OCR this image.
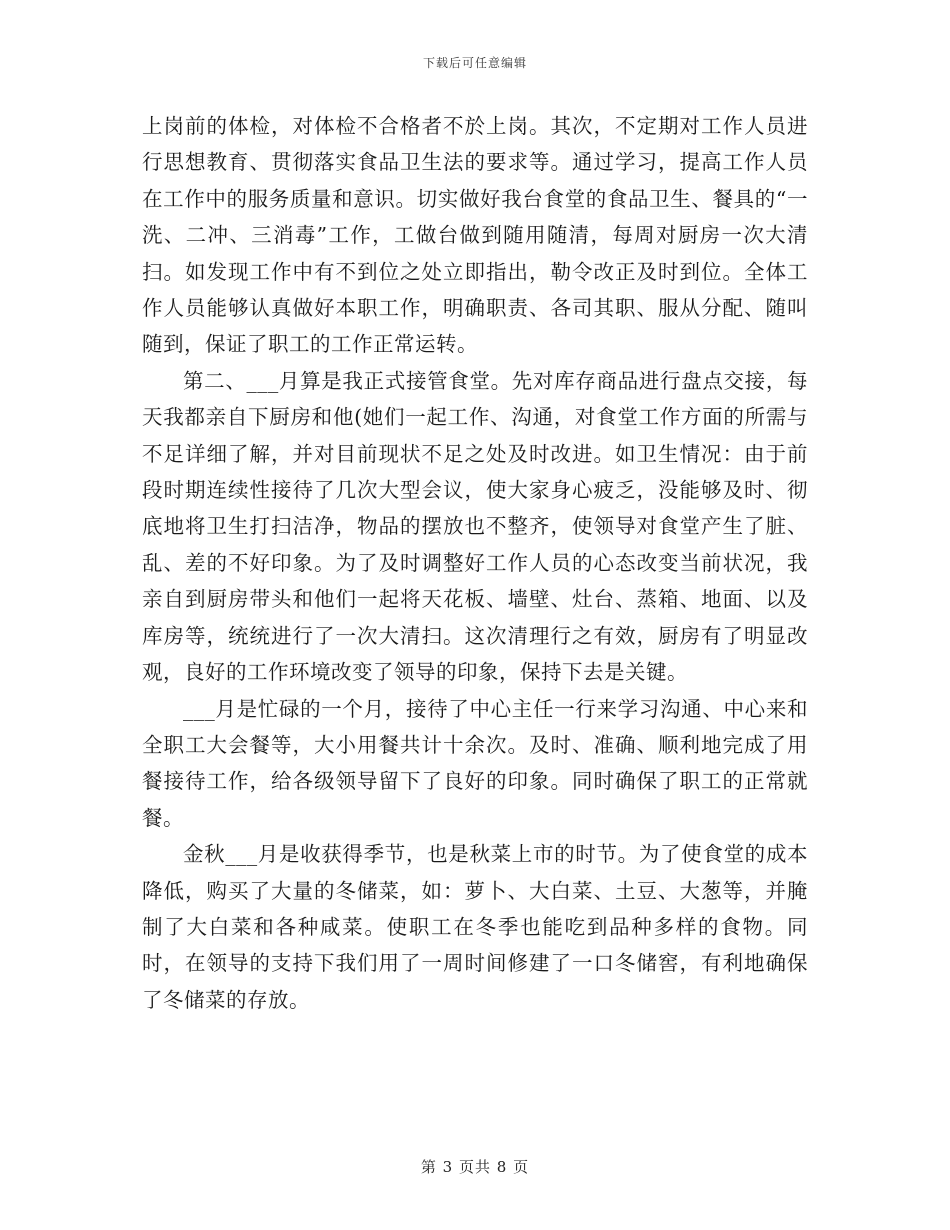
下载后可任意编辑

上岗前的体检，对体检不合格者不於上岗。其次，不定期对工作人员进行思想教育、贯彻落实食品卫生法的要求等。通过学习，提高工作人员在工作中的服务质量和意识。切实做好我台食堂的食品卫生、餐具的“一洗、二冲、三消毒”工作，工做台做到随用随清，每周对厨房一次大清扫。如发现工作中有不到位之处立即指出，勒令改正及时到位。全体工作人员能够认真做好本职工作，明确职责、各司其职、服从分配、随叫随到，保证了职工的工作正常运转。

第二、___月算是我正式接管食堂。先对库存商品进行盘点交接，每天我都亲自下厨房和他(她们一起工作、沟通，对食堂工作方面的所需与不足详细了解，并对目前现状不足之处及时改进。如卫生情况：由于前段时期连续性接待了几次大型会议，使大家身心疲乏，没能够及时、彻底地将卫生打扫洁净，物品的摆放也不整齐，使领导对食堂产生了脏、乱、差的不好印象。为了及时调整好工作人员的心态改变当前状况，我亲自到厨房带头和他们一起将天花板、墙壁、灶台、蒸箱、地面、以及库房等，统统进行了一次大清扫。这次清理行之有效，厨房有了明显改观，良好的工作环境改变了领导的印象，保持下去是关键。

___月是忙碌的一个月，接待了中心主任一行来学习沟通、中心来和全职工大会餐等，大小用餐共计十余次。及时、准确、顺利地完成了用餐接待工作，给各级领导留下了良好的印象。同时确保了职工的正常就餐。

金秋___月是收获得季节，也是秋菜上市的时节。为了使食堂的成本降低，购买了大量的冬储菜，如：萝卜、大白菜、土豆、大葱等，并腌制了大白菜和各种咸菜。使职工在冬季也能吃到品种多样的食物。同时，在领导的支持下我们用了一周时间修建了一口冬储窖，有利地确保了冬储菜的存放。

第 3 页共 8 页
